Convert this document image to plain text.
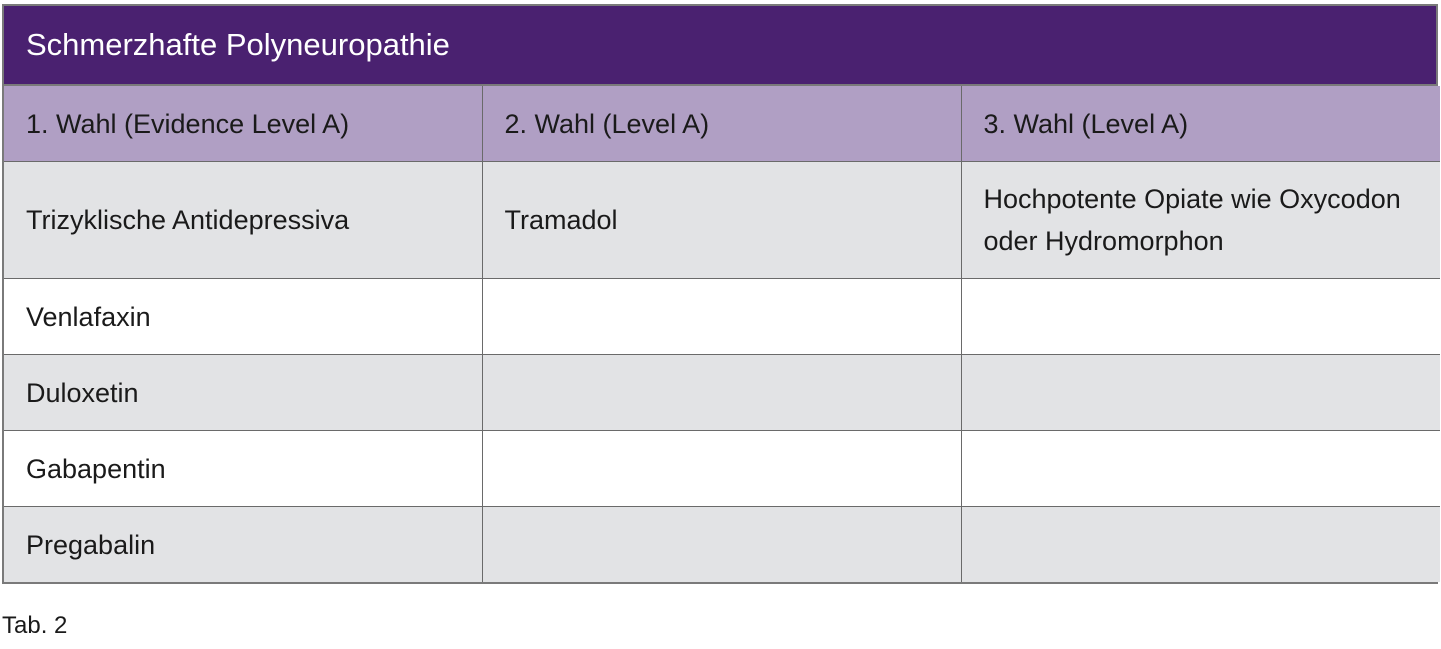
Schmerzhafte Polyneuropathie
1. Wahl (Evidence Level A)	2. Wahl (Level A)	3. Wahl (Level A)
Trizyklische Antidepressiva	Tramadol	Hochpotente Opiate wie Oxycodon oder Hydromorphon
Venlafaxin		
Duloxetin		
Gabapentin		
Pregabalin		
Tab. 2
